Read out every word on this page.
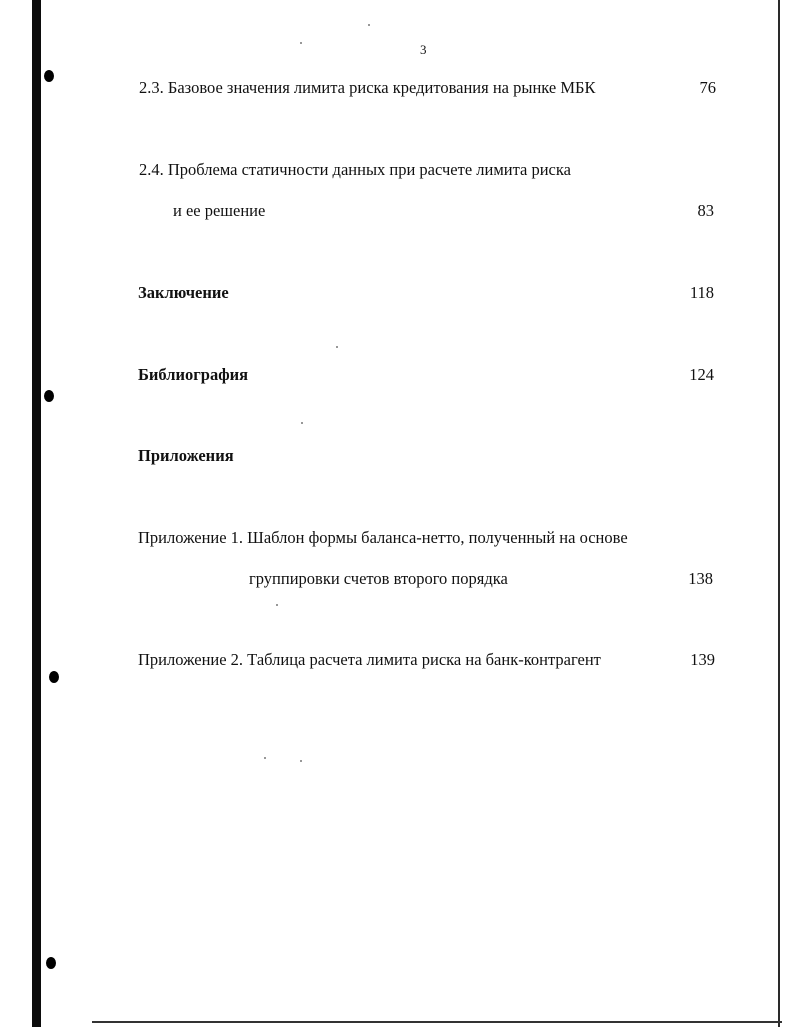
3
2.3. Базовое значения лимита риска кредитования на рынке МБК	76
2.4. Проблема статичности данных при расчете лимита риска
и ее решение	83
Заключение	118
Библиография	124
Приложения
Приложение 1. Шаблон формы баланса-нетто, полученный на основе
группировки счетов второго порядка	138
Приложение 2. Таблица расчета лимита риска на банк-контрагент	139
